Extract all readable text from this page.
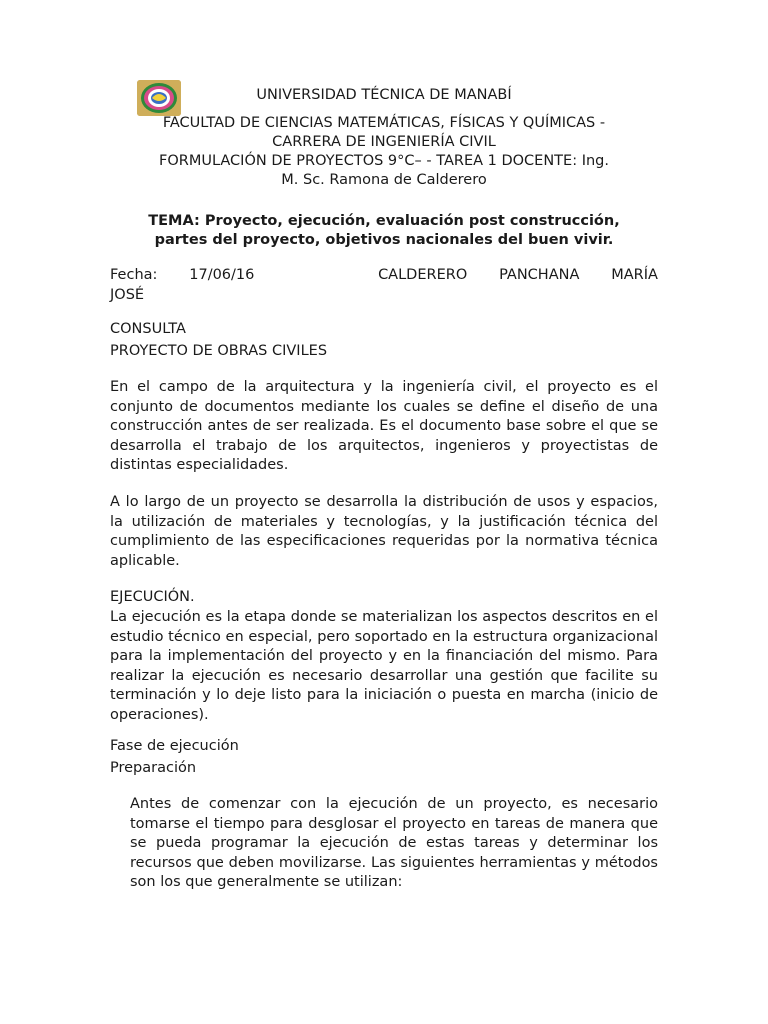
UNIVERSIDAD TÉCNICA DE MANABÍ
FACULTAD DE CIENCIAS MATEMÁTICAS, FÍSICAS Y QUÍMICAS -
CARRERA DE INGENIERÍA CIVIL
FORMULACIÓN DE PROYECTOS 9°C– - TAREA 1 DOCENTE: Ing.
M. Sc. Ramona de Calderero
TEMA: Proyecto, ejecución, evaluación post construcción,
partes del proyecto, objetivos nacionales del buen vivir.
Fecha: 17/06/16	CALDERERO PANCHANA MARÍA
JOSÉ

CONSULTA

PROYECTO DE OBRAS CIVILES

En el campo de la arquitectura y la ingeniería civil, el proyecto es el conjunto de documentos mediante los cuales se define el diseño de una construcción antes de ser realizada. Es el documento base sobre el que se desarrolla el trabajo de los arquitectos, ingenieros y proyectistas de distintas especialidades.

A lo largo de un proyecto se desarrolla la distribución de usos y espacios, la utilización de materiales y tecnologías, y la justificación técnica del cumplimiento de las especificaciones requeridas por la normativa técnica aplicable.

EJECUCIÓN.

La ejecución es la etapa donde se materializan los aspectos descritos en el estudio técnico en especial, pero soportado en la estructura organizacional para la implementación del proyecto y en la financiación del mismo. Para realizar la ejecución es necesario desarrollar una gestión que facilite su terminación y lo deje listo para la iniciación o puesta en marcha (inicio de operaciones).

Fase de ejecución

Preparación

Antes de comenzar con la ejecución de un proyecto, es necesario tomarse el tiempo para desglosar el proyecto en tareas de manera que se pueda programar la ejecución de estas tareas y determinar los recursos que deben movilizarse. Las siguientes herramientas y métodos son los que generalmente se utilizan:
